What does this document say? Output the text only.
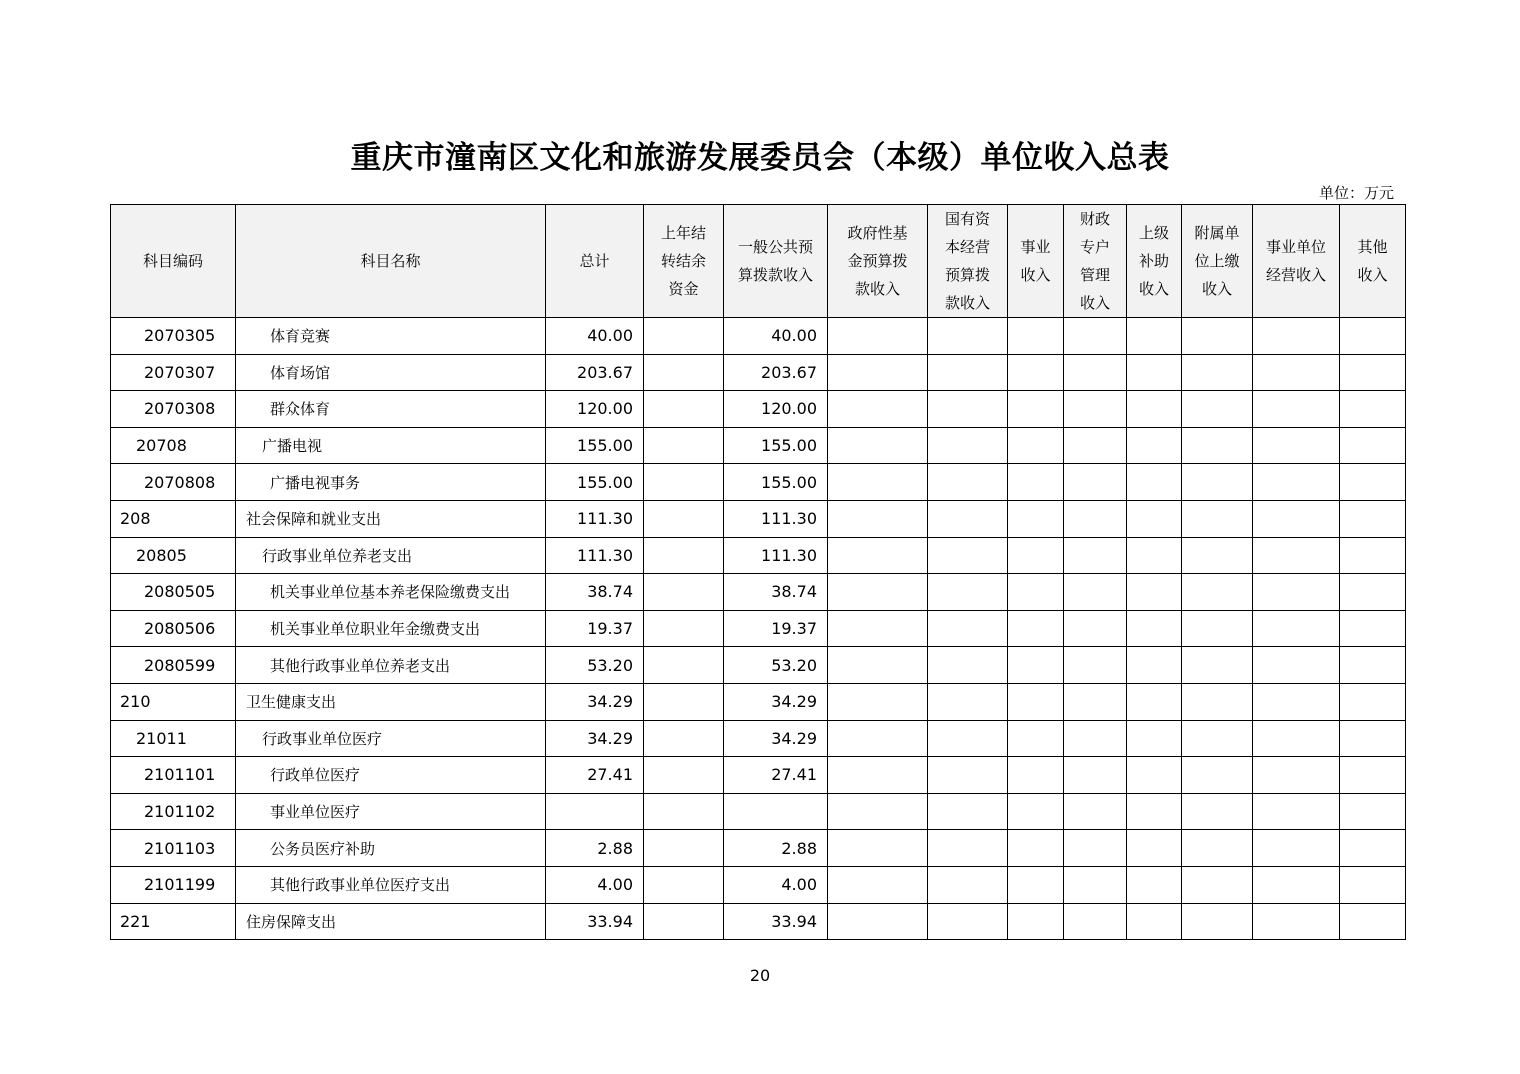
重庆市潼南区文化和旅游发展委员会（本级）单位收入总表
单位：万元
科目编码	科目名称	总计	上年结
转结余
资金	一般公共预
算拨款收入	政府性基
金预算拨
款收入	国有资
本经营
预算拨
款收入	事业
收入	财政
专户
管理
收入	上级
补助
收入	附属单
位上缴
收入	事业单位
经营收入	其他
收入

2070305	体育竞赛	40.00		40.00								
2070307	体育场馆	203.67		203.67								
2070308	群众体育	120.00		120.00								
20708	广播电视	155.00		155.00								
2070808	广播电视事务	155.00		155.00								
208	社会保障和就业支出	111.30		111.30								
20805	行政事业单位养老支出	111.30		111.30								
2080505	机关事业单位基本养老保险缴费支出	38.74		38.74								
2080506	机关事业单位职业年金缴费支出	19.37		19.37								
2080599	其他行政事业单位养老支出	53.20		53.20								
210	卫生健康支出	34.29		34.29								
21011	行政事业单位医疗	34.29		34.29								
2101101	行政单位医疗	27.41		27.41								
2101102	事业单位医疗											
2101103	公务员医疗补助	2.88		2.88								
2101199	其他行政事业单位医疗支出	4.00		4.00								
221	住房保障支出	33.94		33.94								
20
